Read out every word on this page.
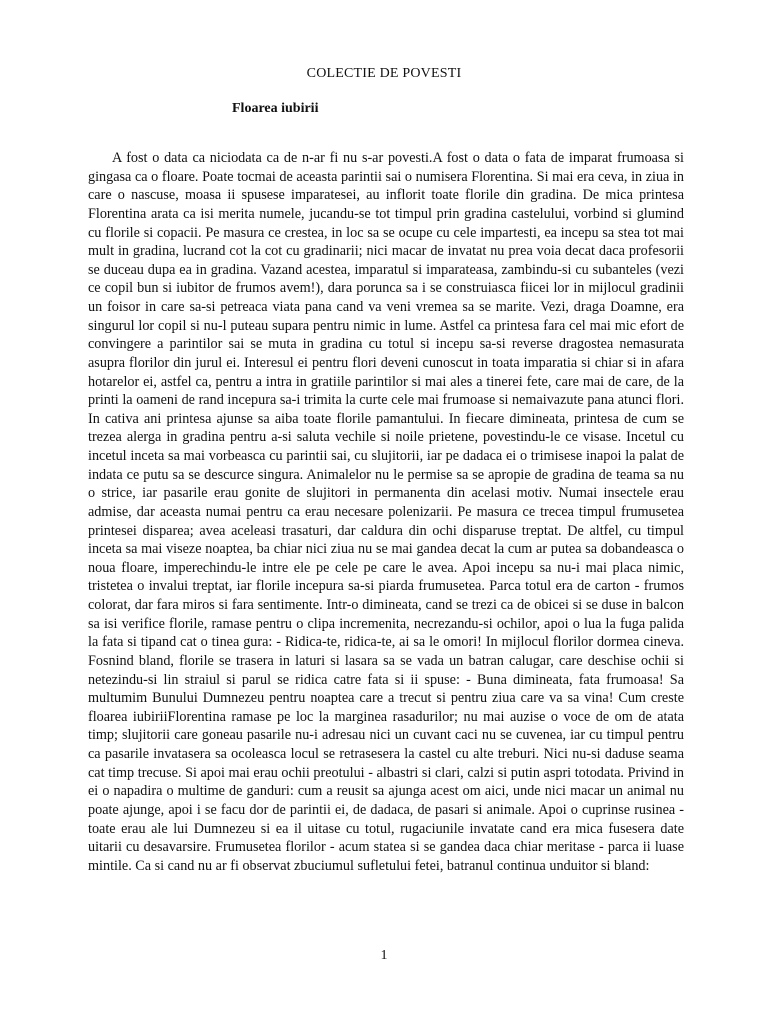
COLECTIE DE POVESTI
Floarea iubirii

A fost o data ca niciodata ca de n-ar fi nu s-ar povesti.A fost o data o fata de imparat frumoasa si gingasa ca o floare. Poate tocmai de aceasta parintii sai o numisera Florentina. Si mai era ceva, in ziua in care o nascuse, moasa ii spusese imparatesei, au inflorit toate florile din gradina. De mica printesa Florentina arata ca isi merita numele, jucandu-se tot timpul prin gradina castelului, vorbind si glumind cu florile si copacii. Pe masura ce crestea, in loc sa se ocupe cu cele impartesti, ea incepu sa stea tot mai mult in gradina, lucrand cot la cot cu gradinarii; nici macar de invatat nu prea voia decat daca profesorii se duceau dupa ea in gradina. Vazand acestea, imparatul si imparateasa, zambindu-si cu subanteles (vezi ce copil bun si iubitor de frumos avem!), dara porunca sa i se construiasca fiicei lor in mijlocul gradinii un foisor in care sa-si petreaca viata pana cand va veni vremea sa se marite. Vezi, draga Doamne, era singurul lor copil si nu-l puteau supara pentru nimic in lume. Astfel ca printesa fara cel mai mic efort de convingere a parintilor sai se muta in gradina cu totul si incepu sa-si reverse dragostea nemasurata asupra florilor din jurul ei. Interesul ei pentru flori deveni cunoscut in toata imparatia si chiar si in afara hotarelor ei, astfel ca, pentru a intra in gratiile parintilor si mai ales a tinerei fete, care mai de care, de la printi la oameni de rand incepura sa-i trimita la curte cele mai frumoase si nemaivazute pana atunci flori. In cativa ani printesa ajunse sa aiba toate florile pamantului. In fiecare dimineata, printesa de cum se trezea alerga in gradina pentru a-si saluta vechile si noile prietene, povestindu-le ce visase. Incetul cu incetul inceta sa mai vorbeasca cu parintii sai, cu slujitorii, iar pe dadaca ei o trimisese inapoi la palat de indata ce putu sa se descurce singura. Animalelor nu le permise sa se apropie de gradina de teama sa nu o strice, iar pasarile erau gonite de slujitori in permanenta din acelasi motiv. Numai insectele erau admise, dar aceasta numai pentru ca erau necesare polenizarii. Pe masura ce trecea timpul frumusetea printesei disparea; avea aceleasi trasaturi, dar caldura din ochi disparuse treptat. De altfel, cu timpul inceta sa mai viseze noaptea, ba chiar nici ziua nu se mai gandea decat la cum ar putea sa dobandeasca o noua floare, imperechindu-le intre ele pe cele pe care le avea. Apoi incepu sa nu-i mai placa nimic, tristetea o invalui treptat, iar florile incepura sa-si piarda frumusetea. Parca totul era de carton - frumos colorat, dar fara miros si fara sentimente. Intr-o dimineata, cand se trezi ca de obicei si se duse in balcon sa isi verifice florile, ramase pentru o clipa incremenita, necrezandu-si ochilor, apoi o lua la fuga palida la fata si tipand cat o tinea gura: - Ridica-te, ridica-te, ai sa le omori! In mijlocul florilor dormea cineva. Fosnind bland, florile se trasera in laturi si lasara sa se vada un batran calugar, care deschise ochii si netezindu-si lin straiul si parul se ridica catre fata si ii spuse: - Buna dimineata, fata frumoasa! Sa multumim Bunului Dumnezeu pentru noaptea care a trecut si pentru ziua care va sa vina! Cum creste floarea iubiriiFlorentina ramase pe loc la marginea rasadurilor; nu mai auzise o voce de om de atata timp; slujitorii care goneau pasarile nu-i adresau nici un cuvant caci nu se cuvenea, iar cu timpul pentru ca pasarile invatasera sa ocoleasca locul se retrasesera la castel cu alte treburi. Nici nu-si daduse seama cat timp trecuse. Si apoi mai erau ochii preotului - albastri si clari, calzi si putin aspri totodata. Privind in ei o napadira o multime de ganduri: cum a reusit sa ajunga acest om aici, unde nici macar un animal nu poate ajunge, apoi i se facu dor de parintii ei, de dadaca, de pasari si animale. Apoi o cuprinse rusinea - toate erau ale lui Dumnezeu si ea il uitase cu totul, rugaciunile invatate cand era mica fusesera date uitarii cu desavarsire. Frumusetea florilor - acum statea si se gandea daca chiar meritase - parca ii luase mintile. Ca si cand nu ar fi observat zbuciumul sufletului fetei, batranul continua unduitor si bland:

1
